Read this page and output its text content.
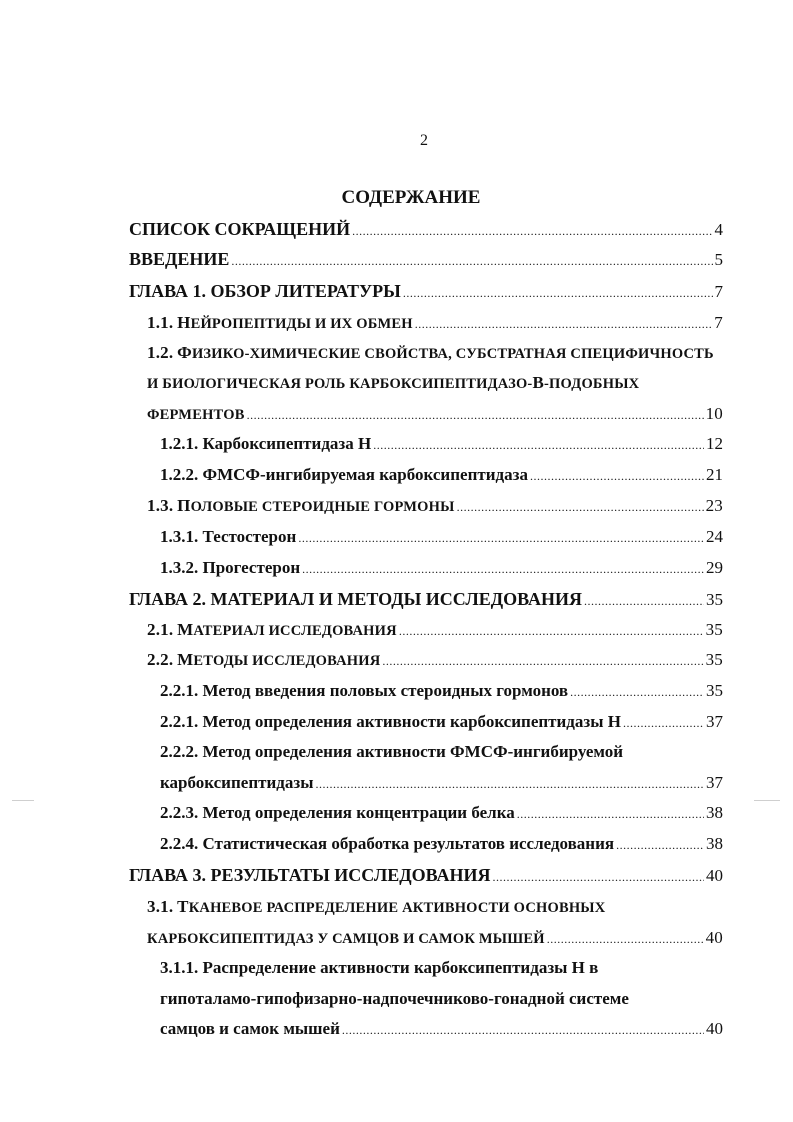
2
СОДЕРЖАНИЕ
СПИСОК СОКРАЩЕНИЙ .....	4
ВВЕДЕНИЕ .....	5
ГЛАВА 1. ОБЗОР ЛИТЕРАТУРЫ .....	7
1.1. НЕЙРОПЕПТИДЫ И ИХ ОБМЕН .....	7
1.2. ФИЗИКО-ХИМИЧЕСКИЕ СВОЙСТВА, СУБСТРАТНАЯ СПЕЦИФИЧНОСТЬ
И БИОЛОГИЧЕСКАЯ РОЛЬ КАРБОКСИПЕПТИДАЗО-В-ПОДОБНЫХ
ФЕРМЕНТОВ .....	10
1.2.1. Карбоксипептидаза Н .....	12
1.2.2. ФМСФ-ингибируемая карбоксипептидаза .....	21
1.3. ПОЛОВЫЕ СТЕРОИДНЫЕ ГОРМОНЫ .....	23
1.3.1. Тестостерон .....	24
1.3.2. Прогестерон .....	29
ГЛАВА 2. МАТЕРИАЛ И МЕТОДЫ ИССЛЕДОВАНИЯ .....	35
2.1. МАТЕРИАЛ ИССЛЕДОВАНИЯ .....	35
2.2. МЕТОДЫ ИССЛЕДОВАНИЯ .....	35
2.2.1. Метод введения половых стероидных гормонов .....	35
2.2.1. Метод определения активности карбоксипептидазы Н .....	37
2.2.2. Метод определения активности ФМСФ-ингибируемой
карбоксипептидазы .....	37
2.2.3. Метод определения концентрации белка .....	38
2.2.4. Статистическая обработка результатов исследования .....	38
ГЛАВА 3. РЕЗУЛЬТАТЫ ИССЛЕДОВАНИЯ .....	40
3.1. ТКАНЕВОЕ РАСПРЕДЕЛЕНИЕ АКТИВНОСТИ ОСНОВНЫХ
КАРБОКСИПЕПТИДАЗ У САМЦОВ И САМОК МЫШЕЙ .....	40
3.1.1. Распределение активности карбоксипептидазы Н в
гипоталамо-гипофизарно-надпочечниково-гонадной системе
самцов и самок мышей .....	40
